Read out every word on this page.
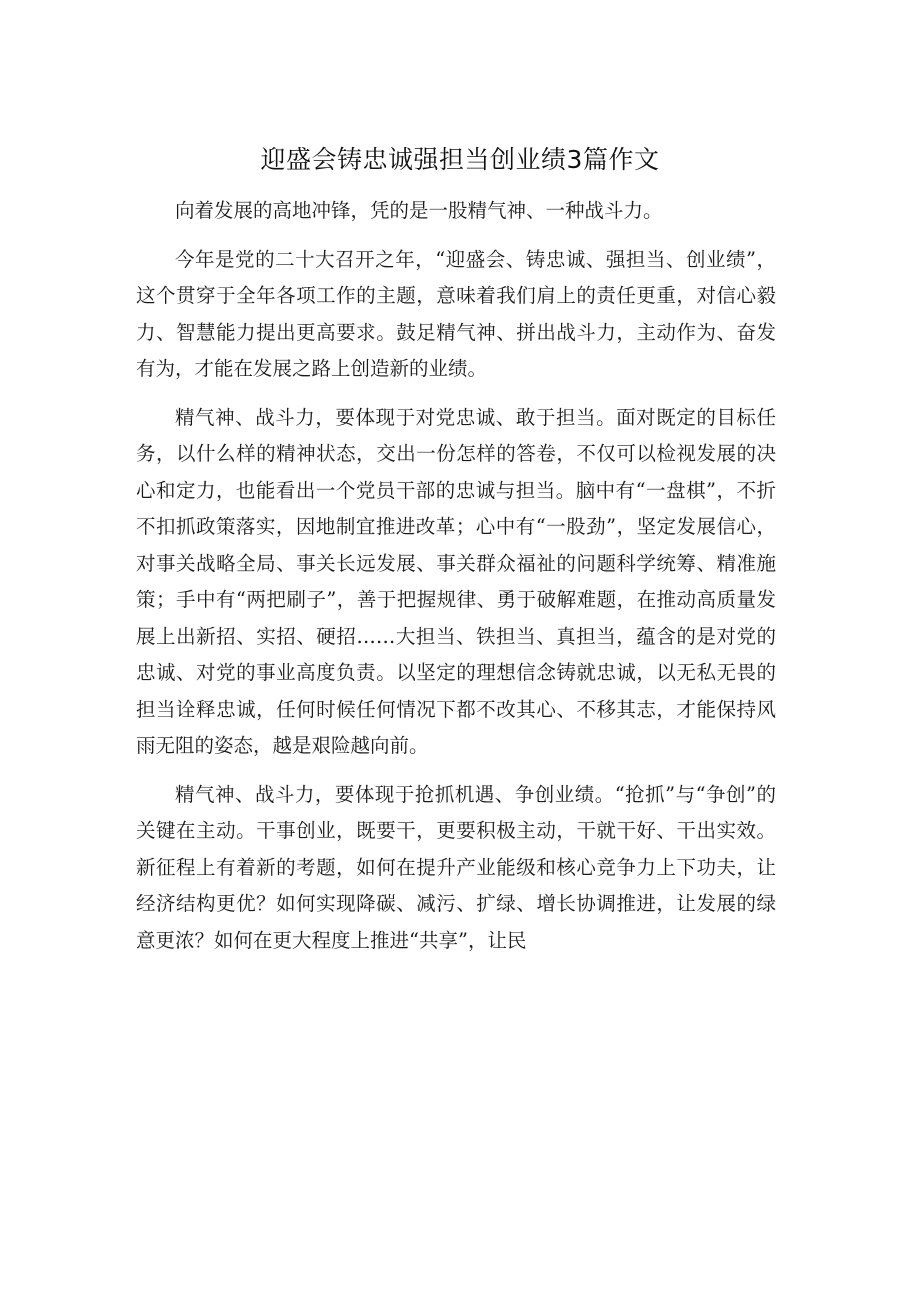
迎盛会铸忠诚强担当创业绩3篇作文

向着发展的高地冲锋，凭的是一股精气神、一种战斗力。

今年是党的二十大召开之年，“迎盛会、铸忠诚、强担当、创业绩”，这个贯穿于全年各项工作的主题，意味着我们肩上的责任更重，对信心毅力、智慧能力提出更高要求。鼓足精气神、拼出战斗力，主动作为、奋发有为，才能在发展之路上创造新的业绩。

精气神、战斗力，要体现于对党忠诚、敢于担当。面对既定的目标任务，以什么样的精神状态，交出一份怎样的答卷，不仅可以检视发展的决心和定力，也能看出一个党员干部的忠诚与担当。脑中有“一盘棋”，不折不扣抓政策落实，因地制宜推进改革；心中有“一股劲”，坚定发展信心，对事关战略全局、事关长远发展、事关群众福祉的问题科学统筹、精准施策；手中有“两把刷子”，善于把握规律、勇于破解难题，在推动高质量发展上出新招、实招、硬招……大担当、铁担当、真担当，蕴含的是对党的忠诚、对党的事业高度负责。以坚定的理想信念铸就忠诚，以无私无畏的担当诠释忠诚，任何时候任何情况下都不改其心、不移其志，才能保持风雨无阻的姿态，越是艰险越向前。

精气神、战斗力，要体现于抢抓机遇、争创业绩。“抢抓”与“争创”的关键在主动。干事创业，既要干，更要积极主动，干就干好、干出实效。新征程上有着新的考题，如何在提升产业能级和核心竞争力上下功夫，让经济结构更优？如何实现降碳、减污、扩绿、增长协调推进，让发展的绿意更浓？如何在更大程度上推进“共享”，让民
